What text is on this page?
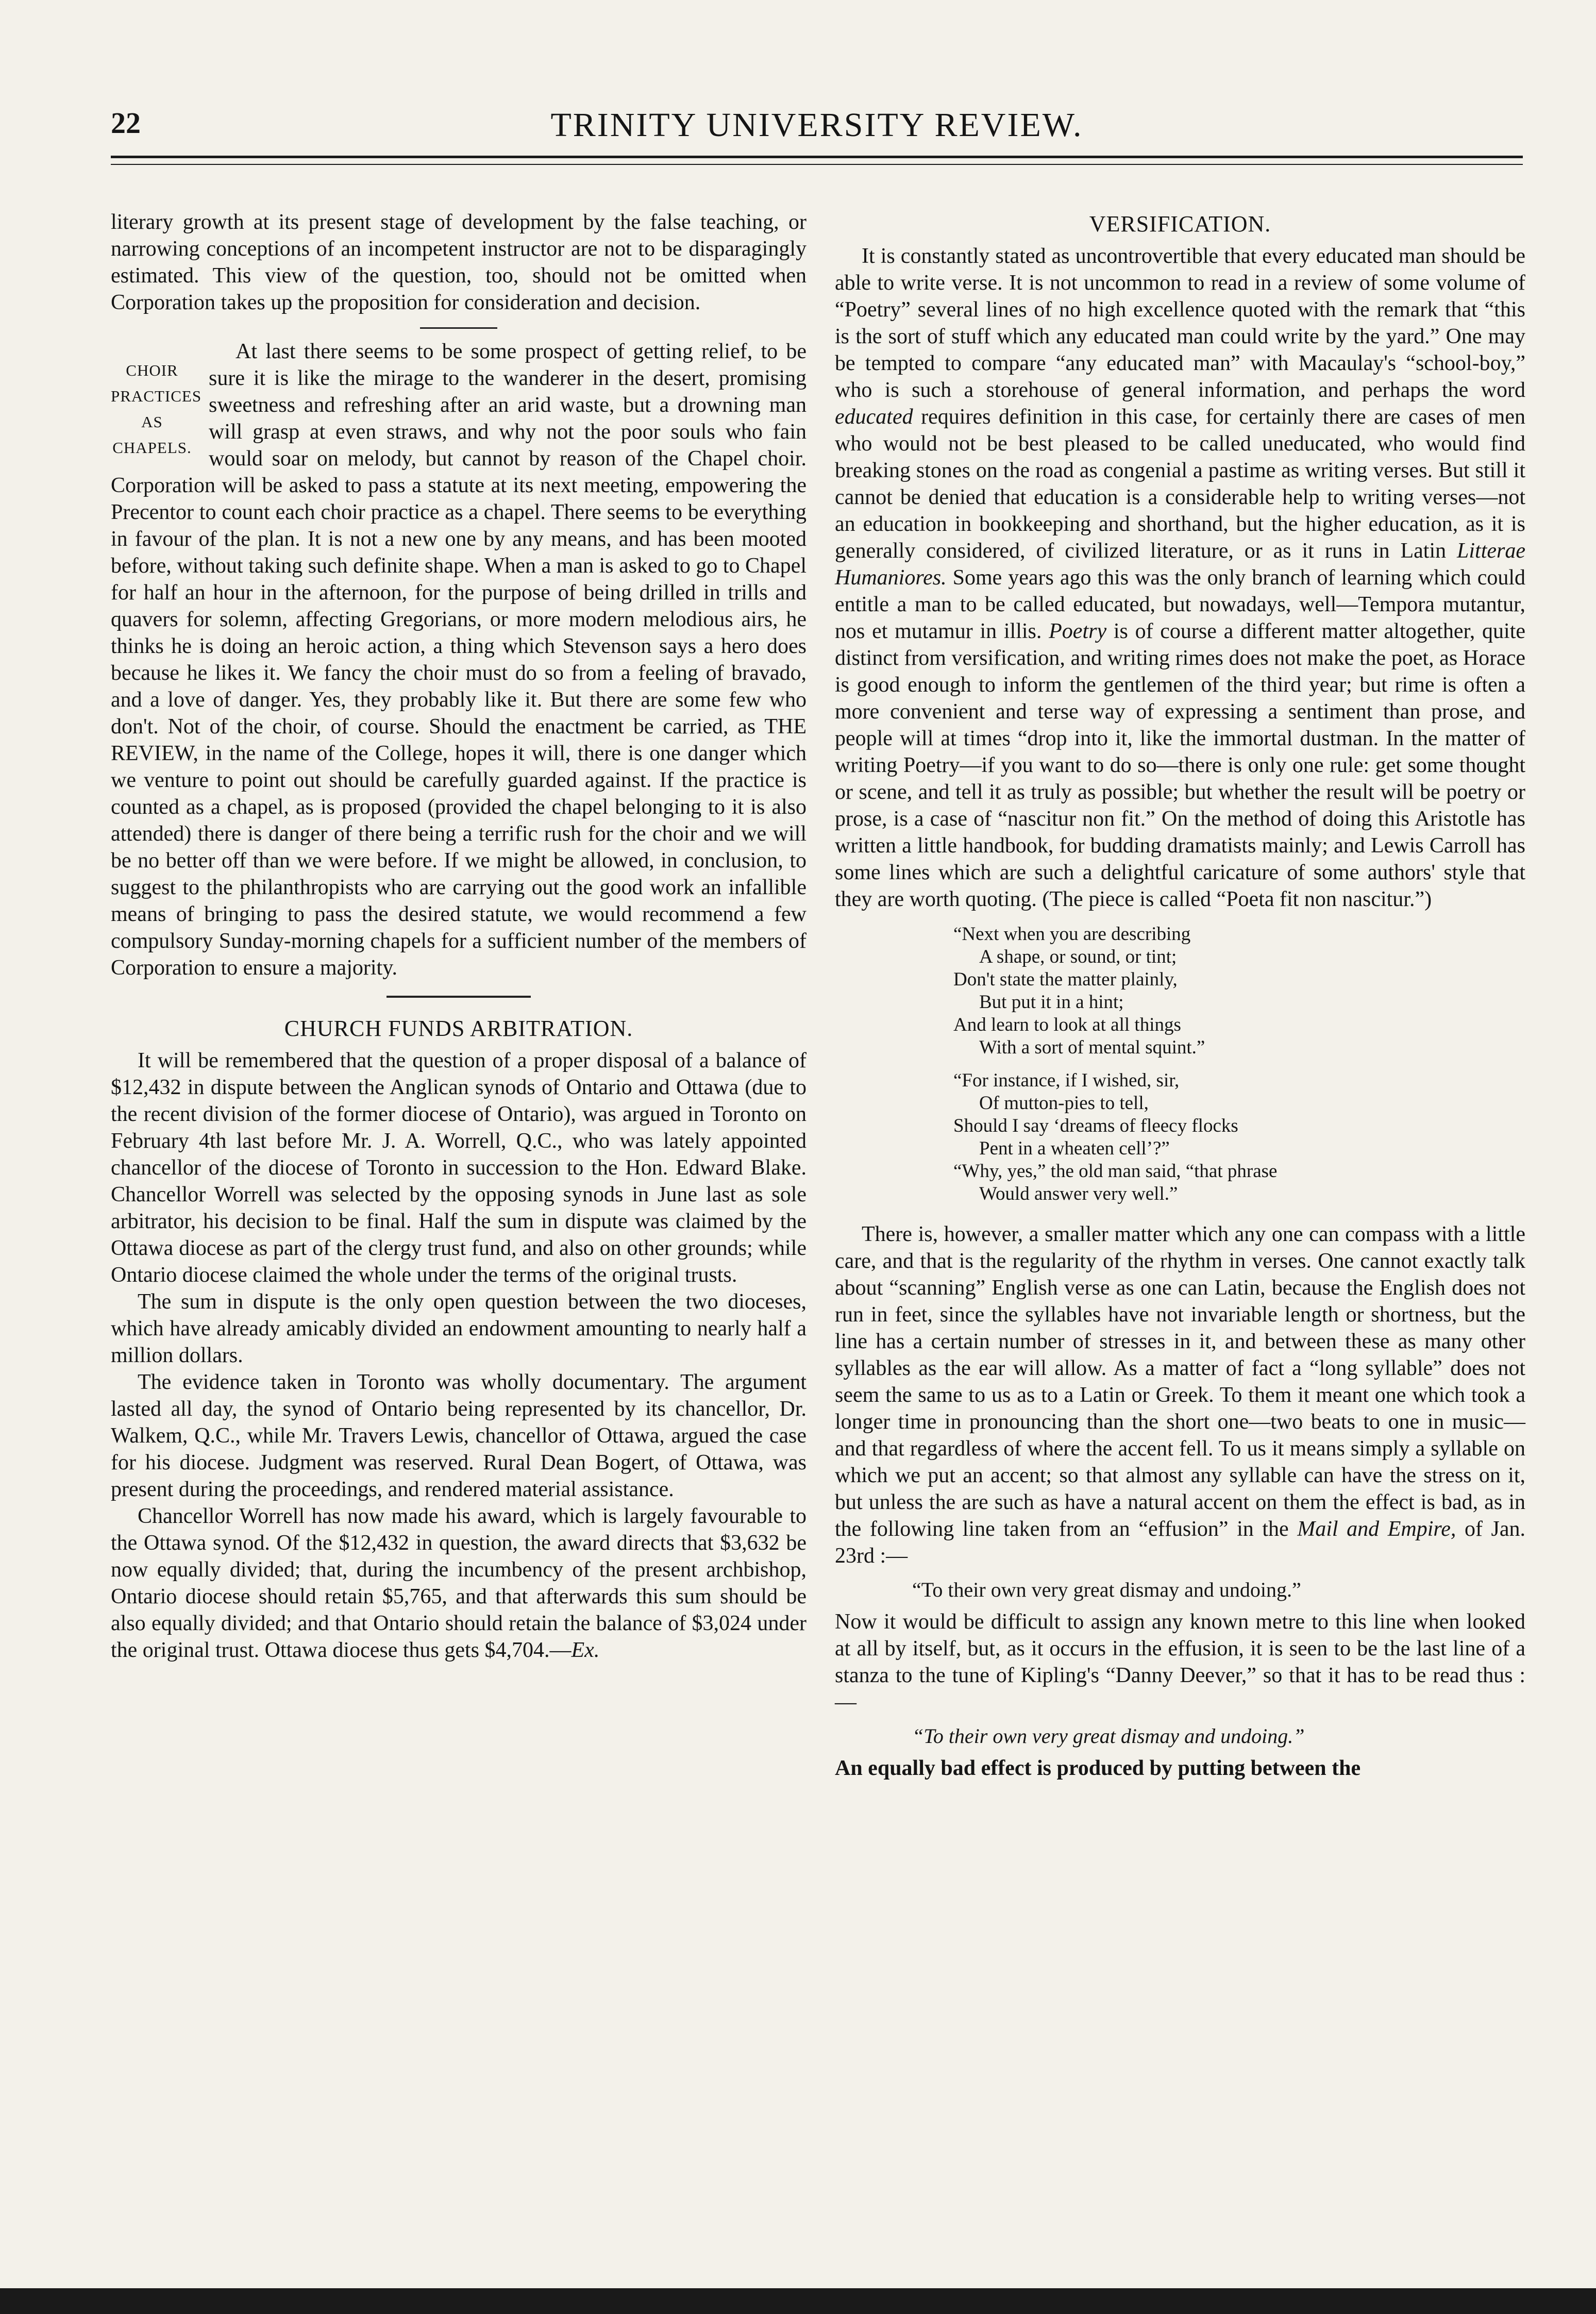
22	TRINITY UNIVERSITY REVIEW.

literary growth at its present stage of development by the false teaching, or narrowing conceptions of an incompetent instructor are not to be disparagingly estimated. This view of the question, too, should not be omitted when Corporation takes up the proposition for consideration and decision.

CHOIR
PRACTICES
AS CHAPELS.

At last there seems to be some prospect of getting relief, to be sure it is like the mirage to the wanderer in the desert, promising sweetness and refreshing after an arid waste, but a drowning man will grasp at even straws, and why not the poor souls who fain would soar on melody, but cannot by reason of the Chapel choir. Corporation will be asked to pass a statute at its next meeting, empowering the Precentor to count each choir practice as a chapel. There seems to be everything in favour of the plan. It is not a new one by any means, and has been mooted before, without taking such definite shape. When a man is asked to go to Chapel for half an hour in the afternoon, for the purpose of being drilled in trills and quavers for solemn, affecting Gregorians, or more modern melodious airs, he thinks he is doing an heroic action, a thing which Stevenson says a hero does because he likes it. We fancy the choir must do so from a feeling of bravado, and a love of danger. Yes, they probably like it. But there are some few who don't. Not of the choir, of course. Should the enactment be carried, as THE REVIEW, in the name of the College, hopes it will, there is one danger which we venture to point out should be carefully guarded against. If the practice is counted as a chapel, as is proposed (provided the chapel belonging to it is also attended) there is danger of there being a terrific rush for the choir and we will be no better off than we were before. If we might be allowed, in conclusion, to suggest to the philanthropists who are carrying out the good work an infallible means of bringing to pass the desired statute, we would recommend a few compulsory Sunday-morning chapels for a sufficient number of the members of Corporation to ensure a majority.

CHURCH FUNDS ARBITRATION.

It will be remembered that the question of a proper disposal of a balance of $12,432 in dispute between the Anglican synods of Ontario and Ottawa (due to the recent division of the former diocese of Ontario), was argued in Toronto on February 4th last before Mr. J. A. Worrell, Q.C., who was lately appointed chancellor of the diocese of Toronto in succession to the Hon. Edward Blake. Chancellor Worrell was selected by the opposing synods in June last as sole arbitrator, his decision to be final. Half the sum in dispute was claimed by the Ottawa diocese as part of the clergy trust fund, and also on other grounds; while Ontario diocese claimed the whole under the terms of the original trusts.

The sum in dispute is the only open question between the two dioceses, which have already amicably divided an endowment amounting to nearly half a million dollars.

The evidence taken in Toronto was wholly documentary. The argument lasted all day, the synod of Ontario being represented by its chancellor, Dr. Walkem, Q.C., while Mr. Travers Lewis, chancellor of Ottawa, argued the case for his diocese. Judgment was reserved. Rural Dean Bogert, of Ottawa, was present during the proceedings, and rendered material assistance.

Chancellor Worrell has now made his award, which is largely favourable to the Ottawa synod. Of the $12,432 in question, the award directs that $3,632 be now equally divided; that, during the incumbency of the present archbishop, Ontario diocese should retain $5,765, and that afterwards this sum should be also equally divided; and that Ontario should retain the balance of $3,024 under the original trust. Ottawa diocese thus gets $4,704.—Ex.

VERSIFICATION.

It is constantly stated as uncontrovertible that every educated man should be able to write verse. It is not uncommon to read in a review of some volume of “Poetry” several lines of no high excellence quoted with the remark that “this is the sort of stuff which any educated man could write by the yard.” One may be tempted to compare “any educated man” with Macaulay's “school-boy,” who is such a storehouse of general information, and perhaps the word educated requires definition in this case, for certainly there are cases of men who would not be best pleased to be called uneducated, who would find breaking stones on the road as congenial a pastime as writing verses. But still it cannot be denied that education is a considerable help to writing verses—not an education in bookkeeping and shorthand, but the higher education, as it is generally considered, of civilized literature, or as it runs in Latin Litterae Humaniores. Some years ago this was the only branch of learning which could entitle a man to be called educated, but nowadays, well—Tempora mutantur, nos et mutamur in illis. Poetry is of course a different matter altogether, quite distinct from versification, and writing rimes does not make the poet, as Horace is good enough to inform the gentlemen of the third year; but rime is often a more convenient and terse way of expressing a sentiment than prose, and people will at times “drop into it, like the immortal dustman. In the matter of writing Poetry—if you want to do so—there is only one rule: get some thought or scene, and tell it as truly as possible; but whether the result will be poetry or prose, is a case of “nascitur non fit.” On the method of doing this Aristotle has written a little handbook, for budding dramatists mainly; and Lewis Carroll has some lines which are such a delightful caricature of some authors' style that they are worth quoting. (The piece is called “Poeta fit non nascitur.”)

“Next when you are describing
A shape, or sound, or tint;
Don't state the matter plainly,
But put it in a hint;
And learn to look at all things
With a sort of mental squint.”
“For instance, if I wished, sir,
Of mutton-pies to tell,
Should I say ‘dreams of fleecy flocks
Pent in a wheaten cell’?”
“Why, yes,” the old man said, “that phrase
Would answer very well.”

There is, however, a smaller matter which any one can compass with a little care, and that is the regularity of the rhythm in verses. One cannot exactly talk about “scanning” English verse as one can Latin, because the English does not run in feet, since the syllables have not invariable length or shortness, but the line has a certain number of stresses in it, and between these as many other syllables as the ear will allow. As a matter of fact a “long syllable” does not seem the same to us as to a Latin or Greek. To them it meant one which took a longer time in pronouncing than the short one—two beats to one in music—and that regardless of where the accent fell. To us it means simply a syllable on which we put an accent; so that almost any syllable can have the stress on it, but unless the are such as have a natural accent on them the effect is bad, as in the following line taken from an “effusion” in the Mail and Empire, of Jan. 23rd :—

“To their own very great dismay and undoing.”

Now it would be difficult to assign any known metre to this line when looked at all by itself, but, as it occurs in the effusion, it is seen to be the last line of a stanza to the tune of Kipling's “Danny Deever,” so that it has to be read thus :—

“To their own very great dismay and undoing.”

An equally bad effect is produced by putting between the
